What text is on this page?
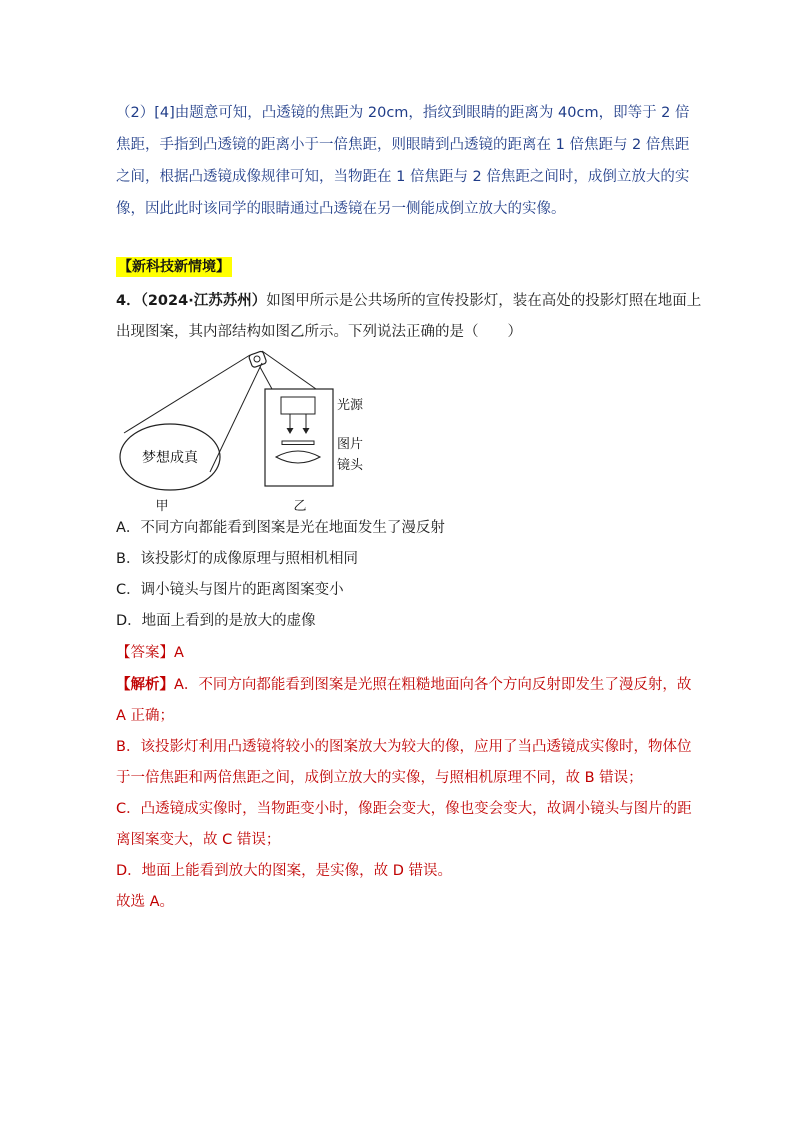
（2）[4]由题意可知，凸透镜的焦距为 20cm，指纹到眼睛的距离为 40cm，即等于 2 倍焦距，手指到凸透镜的距离小于一倍焦距，则眼睛到凸透镜的距离在 1 倍焦距与 2 倍焦距之间，根据凸透镜成像规律可知，当物距在 1 倍焦距与 2 倍焦距之间时，成倒立放大的实像，因此此时该同学的眼睛通过凸透镜在另一侧能成倒立放大的实像。

【新科技新情境】
4．（2024·江苏苏州）如图甲所示是公共场所的宣传投影灯，装在高处的投影灯照在地面上
出现图案，其内部结构如图乙所示。下列说法正确的是（　　）
梦想成真
甲
光源
图片
镜头
乙
A．不同方向都能看到图案是光在地面发生了漫反射
B．该投影灯的成像原理与照相机相同
C．调小镜头与图片的距离图案变小
D．地面上看到的是放大的虚像
【答案】A
【解析】A．不同方向都能看到图案是光照在粗糙地面向各个方向反射即发生了漫反射，故
A 正确；
B．该投影灯利用凸透镜将较小的图案放大为较大的像，应用了当凸透镜成实像时，物体位
于一倍焦距和两倍焦距之间，成倒立放大的实像，与照相机原理不同，故 B 错误；
C．凸透镜成实像时，当物距变小时，像距会变大，像也变会变大，故调小镜头与图片的距
离图案变大，故 C 错误；
D．地面上能看到放大的图案，是实像，故 D 错误。
故选 A。
